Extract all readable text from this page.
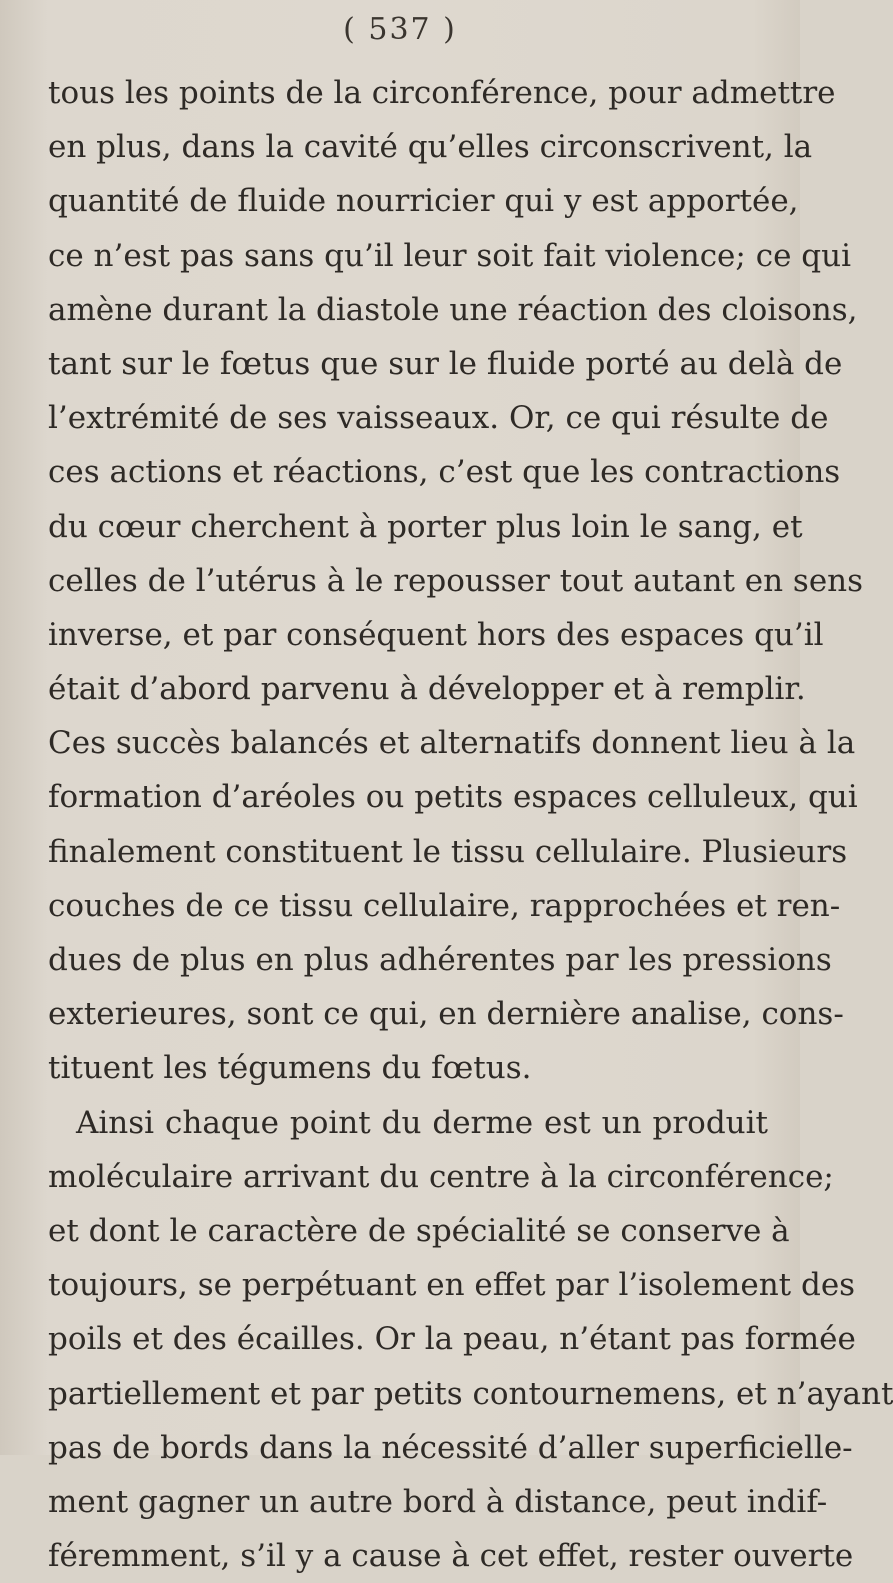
( 537 )
tous les points de la circonférence, pour admettre
en plus, dans la cavité qu’elles circonscrivent, la
quantité de fluide nourricier qui y est apportée,
ce n’est pas sans qu’il leur soit fait violence; ce qui
amène durant la diastole une réaction des cloisons,
tant sur le fœtus que sur le fluide porté au delà de
l’extrémité de ses vaisseaux. Or, ce qui résulte de
ces actions et réactions, c’est que les contractions
du cœur cherchent à porter plus loin le sang, et
celles de l’utérus à le repousser tout autant en sens
inverse, et par conséquent hors des espaces qu’il
était d’abord parvenu à développer et à remplir.
Ces succès balancés et alternatifs donnent lieu à la
formation d’aréoles ou petits espaces celluleux, qui
finalement constituent le tissu cellulaire. Plusieurs
couches de ce tissu cellulaire, rapprochées et ren-
dues de plus en plus adhérentes par les pressions
exterieures, sont ce qui, en dernière analise, cons-
tituent les tégumens du fœtus.
Ainsi chaque point du derme est un produit
moléculaire arrivant du centre à la circonférence;
et dont le caractère de spécialité se conserve à
toujours, se perpétuant en effet par l’isolement des
poils et des écailles. Or la peau, n’étant pas formée
partiellement et par petits contournemens, et n’ayant
pas de bords dans la nécessité d’aller superficielle-
ment gagner un autre bord à distance, peut indif-
féremment, s’il y a cause à cet effet, rester ouverte
